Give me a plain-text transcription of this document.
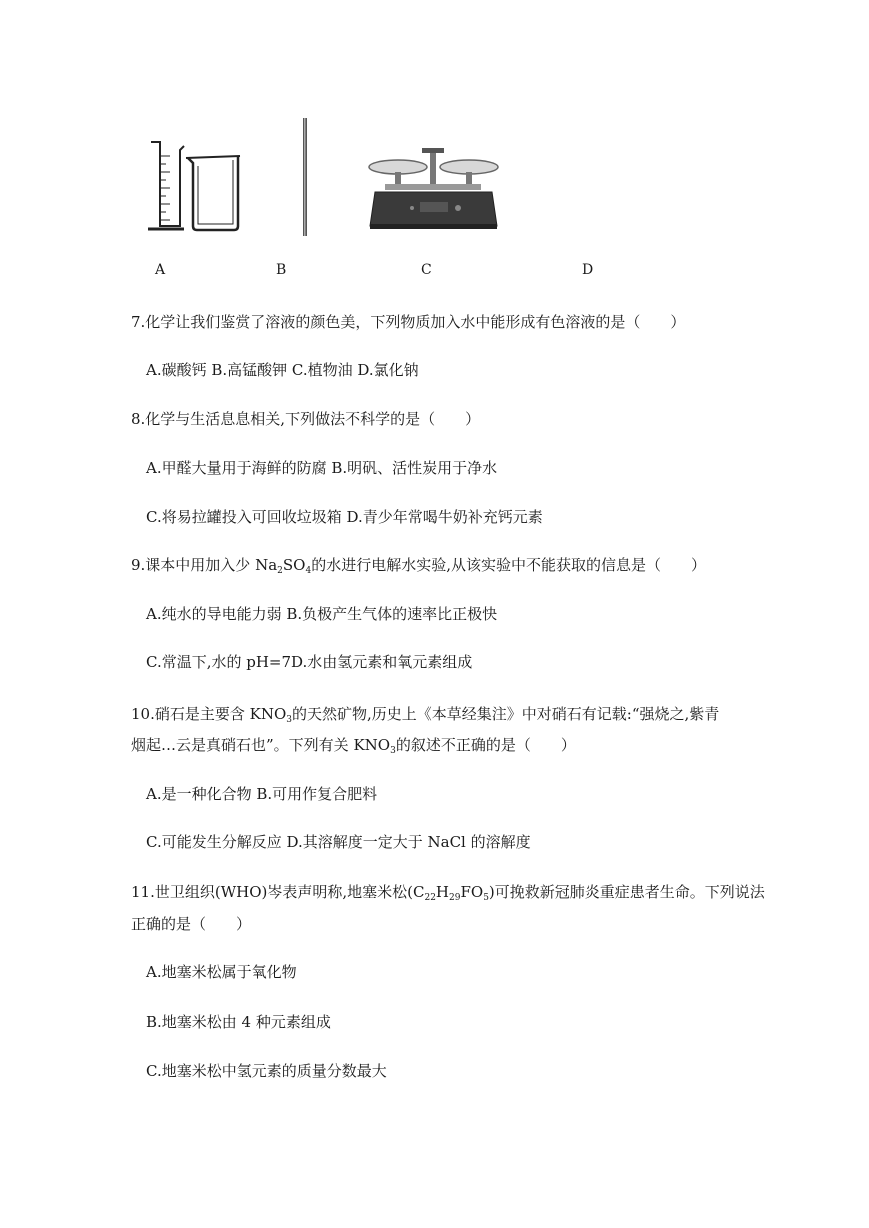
A	B	C	D
7.化学让我们鉴赏了溶液的颜色美，下列物质加入水中能形成有色溶液的是（　　）
A.碳酸钙 B.高锰酸钾 C.植物油 D.氯化钠
8.化学与生活息息相关,下列做法不科学的是（　　）
A.甲醛大量用于海鲜的防腐 B.明矾、活性炭用于净水
C.将易拉罐投入可回收垃圾箱 D.青少年常喝牛奶补充钙元素
9.课本中用加入少 $Na_2SO_4$的水进行电解水实验,从该实验中不能获取的信息是（　　）
A.纯水的导电能力弱 B.负极产生气体的速率比正极快
C.常温下,水的 pH=7D.水由氢元素和氧元素组成
10.硝石是主要含 $KNO_3$的天然矿物,历史上《本草经集注》中对硝石有记载:“强烧之,紫青
烟起…云是真硝石也”。下列有关 $KNO_3$的叙述不正确的是（　　）
A.是一种化合物 B.可用作复合肥料
C.可能发生分解反应 D.其溶解度一定大于 NaCl 的溶解度
11.世卫组织(WHO)岑表声明称,地塞米松$(C_{22}H_{29}FO_5)$可挽救新冠肺炎重症患者生命。下列说法
正确的是（　　）
A.地塞米松属于氧化物
B.地塞米松由 4 种元素组成
C.地塞米松中氢元素的质量分数最大
